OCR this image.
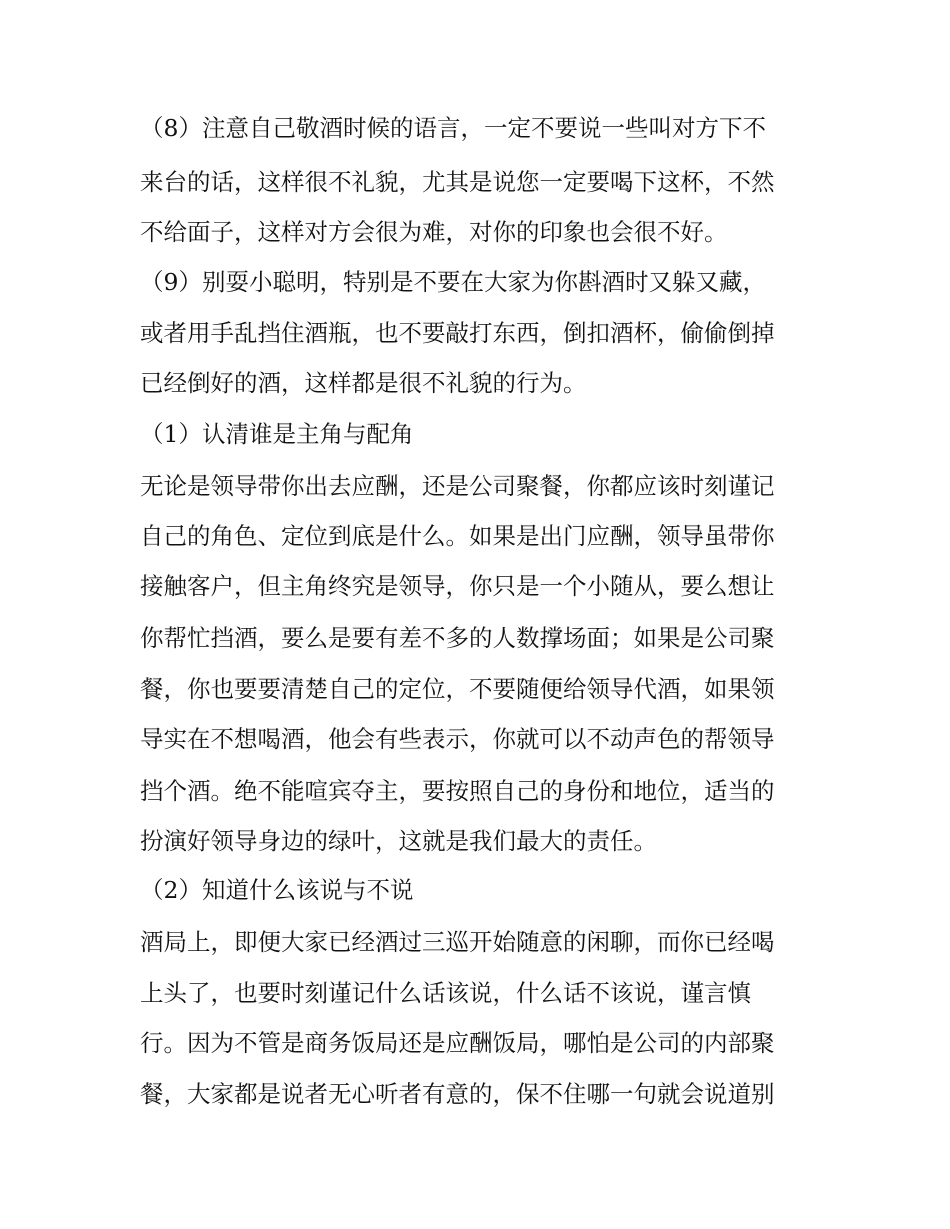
（8）注意自己敬酒时候的语言，一定不要说一些叫对方下不
来台的话，这样很不礼貌，尤其是说您一定要喝下这杯，不然
不给面子，这样对方会很为难，对你的印象也会很不好。
（9）别耍小聪明，特别是不要在大家为你斟酒时又躲又藏，
或者用手乱挡住酒瓶，也不要敲打东西，倒扣酒杯，偷偷倒掉
已经倒好的酒，这样都是很不礼貌的行为。
（1）认清谁是主角与配角
无论是领导带你出去应酬，还是公司聚餐，你都应该时刻谨记
自己的角色、定位到底是什么。如果是出门应酬，领导虽带你
接触客户，但主角终究是领导，你只是一个小随从，要么想让
你帮忙挡酒，要么是要有差不多的人数撑场面；如果是公司聚
餐，你也要要清楚自己的定位，不要随便给领导代酒，如果领
导实在不想喝酒，他会有些表示，你就可以不动声色的帮领导
挡个酒。绝不能喧宾夺主，要按照自己的身份和地位，适当的
扮演好领导身边的绿叶，这就是我们最大的责任。
（2）知道什么该说与不说
酒局上，即便大家已经酒过三巡开始随意的闲聊，而你已经喝
上头了，也要时刻谨记什么话该说，什么话不该说，谨言慎
行。因为不管是商务饭局还是应酬饭局，哪怕是公司的内部聚
餐，大家都是说者无心听者有意的，保不住哪一句就会说道别
